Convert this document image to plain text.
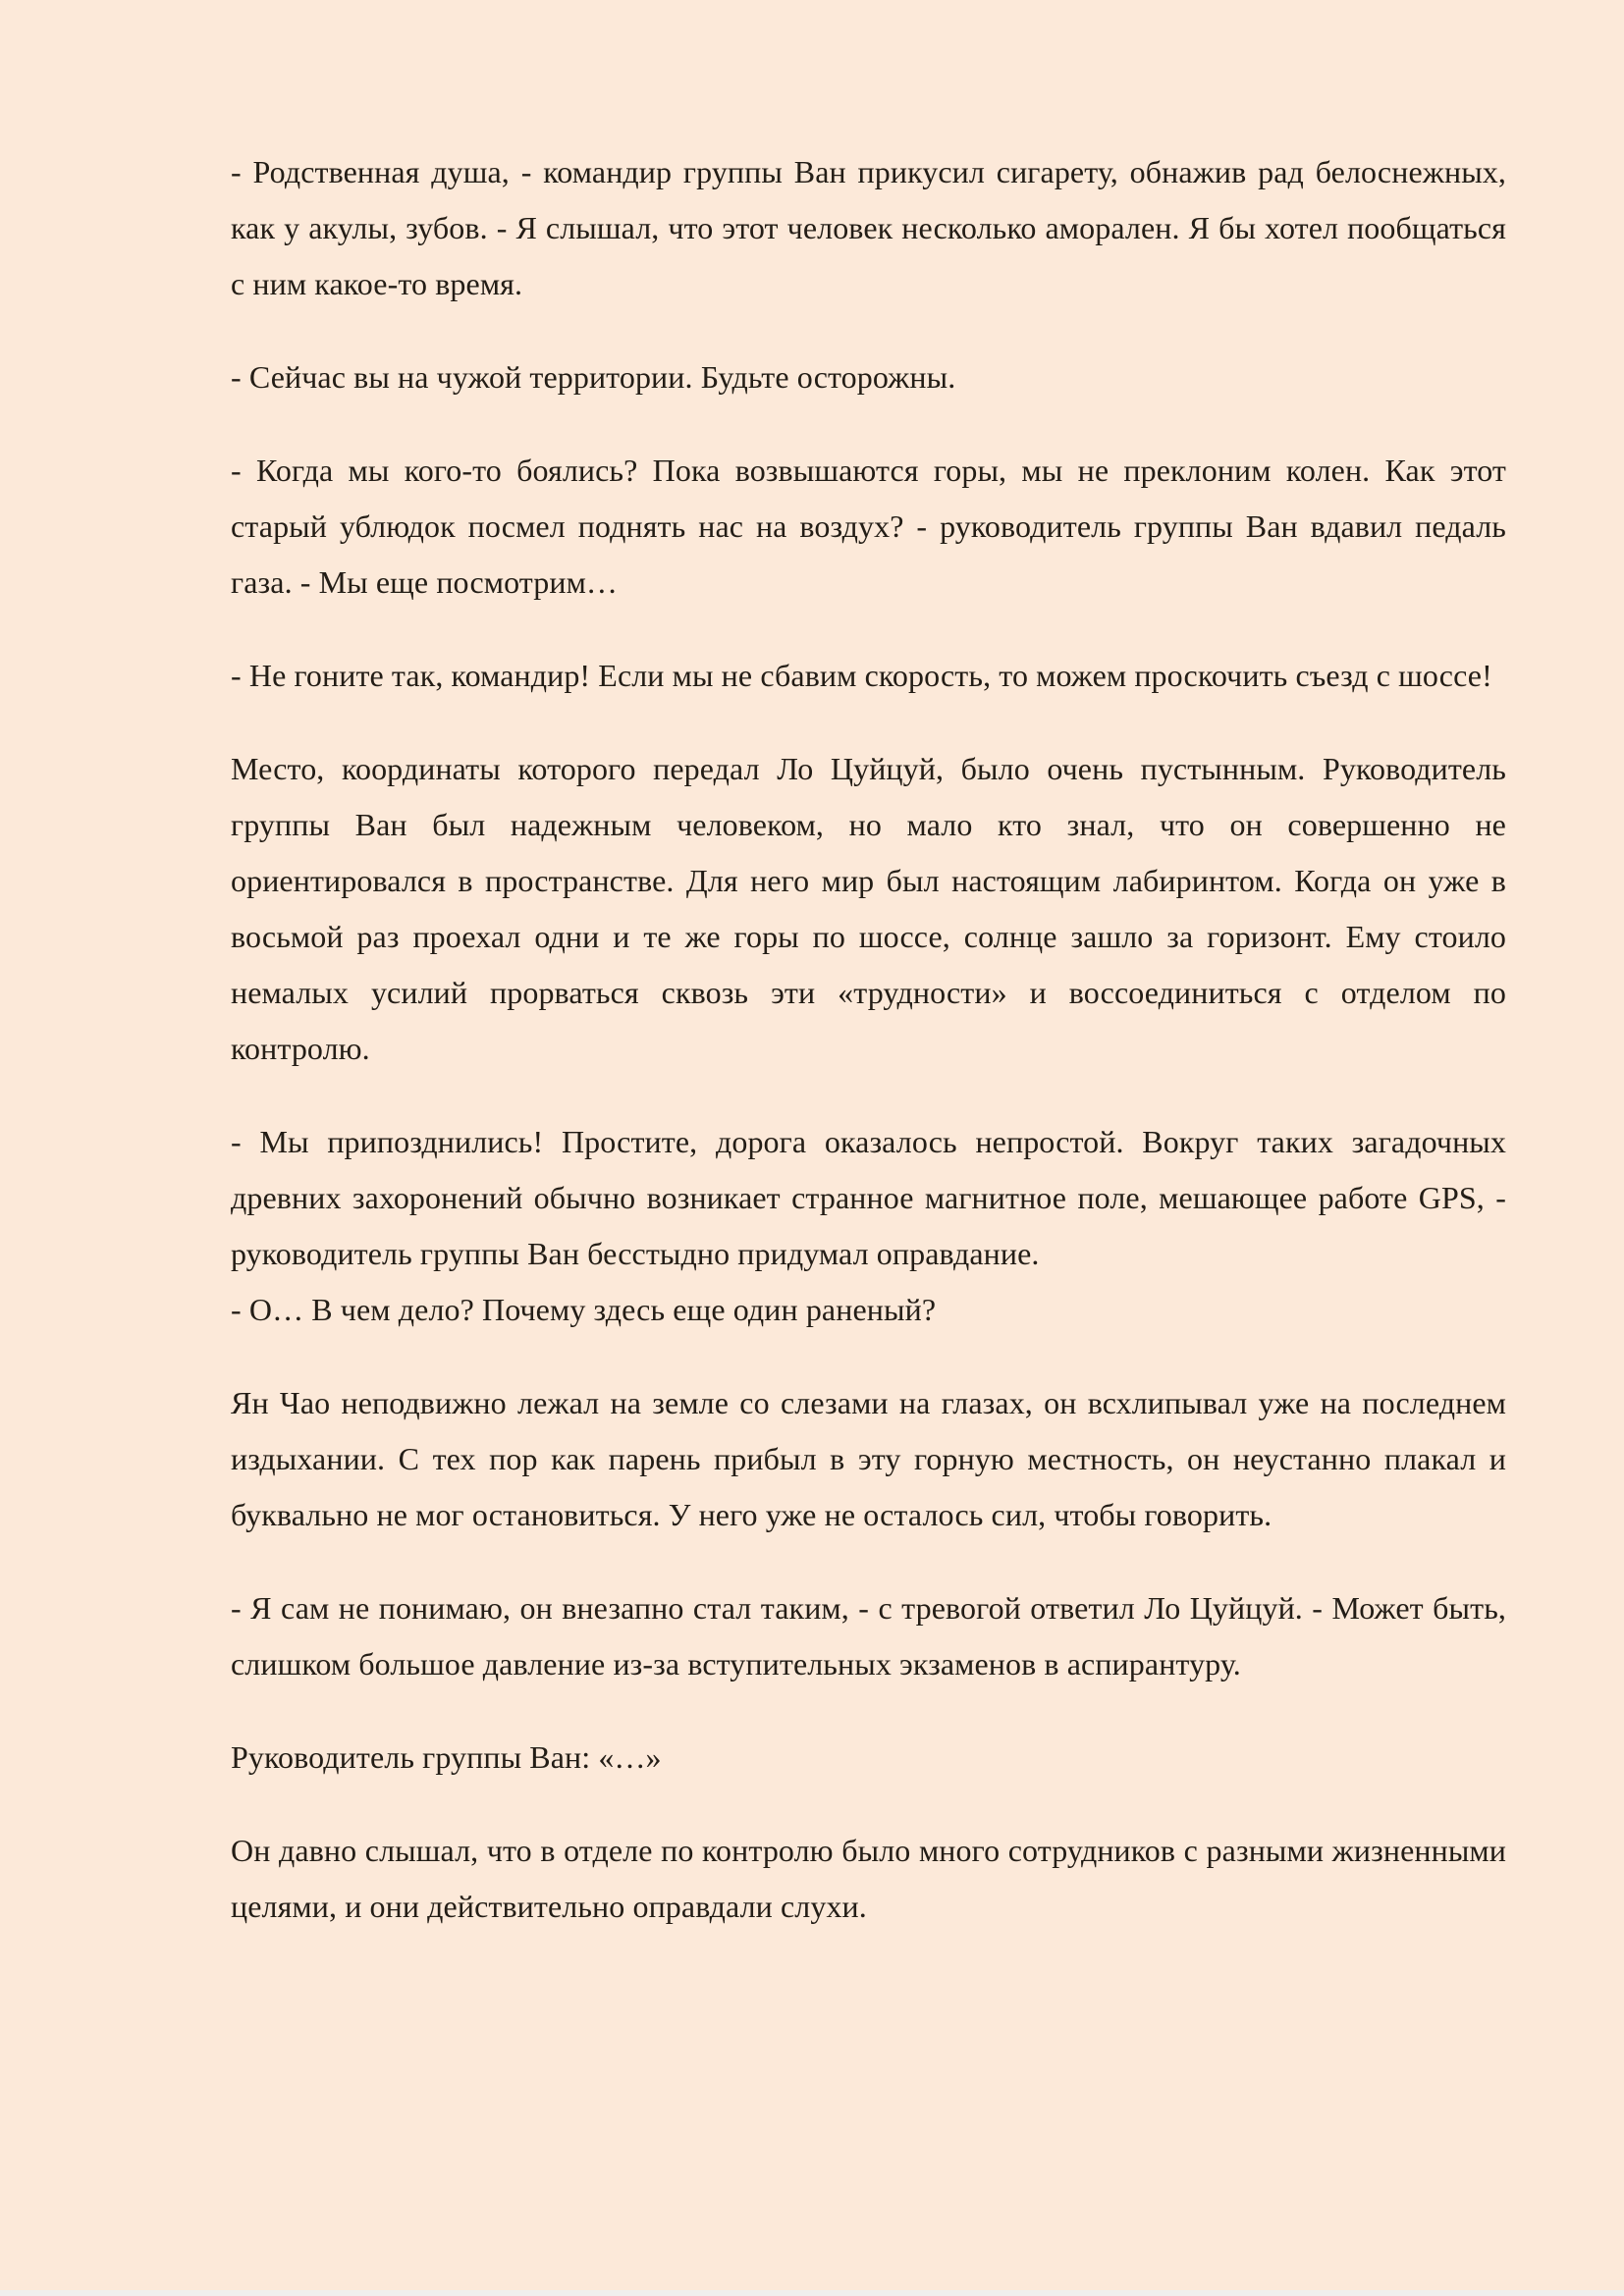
- Родственная душа, - командир группы Ван прикусил сигарету, обнажив рад белоснежных, как у акулы, зубов. - Я слышал, что этот человек несколько аморален. Я бы хотел пообщаться с ним какое-то время.
- Сейчас вы на чужой территории. Будьте осторожны.
- Когда мы кого-то боялись? Пока возвышаются горы, мы не преклоним колен. Как этот старый ублюдок посмел поднять нас на воздух? - руководитель группы Ван вдавил педаль газа. - Мы еще посмотрим…
- Не гоните так, командир! Если мы не сбавим скорость, то можем проскочить съезд с шоссе!
Место, координаты которого передал Ло Цуйцуй, было очень пустынным. Руководитель группы Ван был надежным человеком, но мало кто знал, что он совершенно не ориентировался в пространстве. Для него мир был настоящим лабиринтом. Когда он уже в восьмой раз проехал одни и те же горы по шоссе, солнце зашло за горизонт. Ему стоило немалых усилий прорваться сквозь эти «трудности» и воссоединиться с отделом по контролю.
- Мы припозднились! Простите, дорога оказалось непростой. Вокруг таких загадочных древних захоронений обычно возникает странное магнитное поле, мешающее работе GPS, - руководитель группы Ван бесстыдно придумал оправдание.
- О… В чем дело? Почему здесь еще один раненый?
Ян Чао неподвижно лежал на земле со слезами на глазах, он всхлипывал уже на последнем издыхании. С тех пор как парень прибыл в эту горную местность, он неустанно плакал и буквально не мог остановиться. У него уже не осталось сил, чтобы говорить.
- Я сам не понимаю, он внезапно стал таким, - с тревогой ответил Ло Цуйцуй. - Может быть, слишком большое давление из-за вступительных экзаменов в аспирантуру.
Руководитель группы Ван: «…»
Он давно слышал, что в отделе по контролю было много сотрудников с разными жизненными целями, и они действительно оправдали слухи.
